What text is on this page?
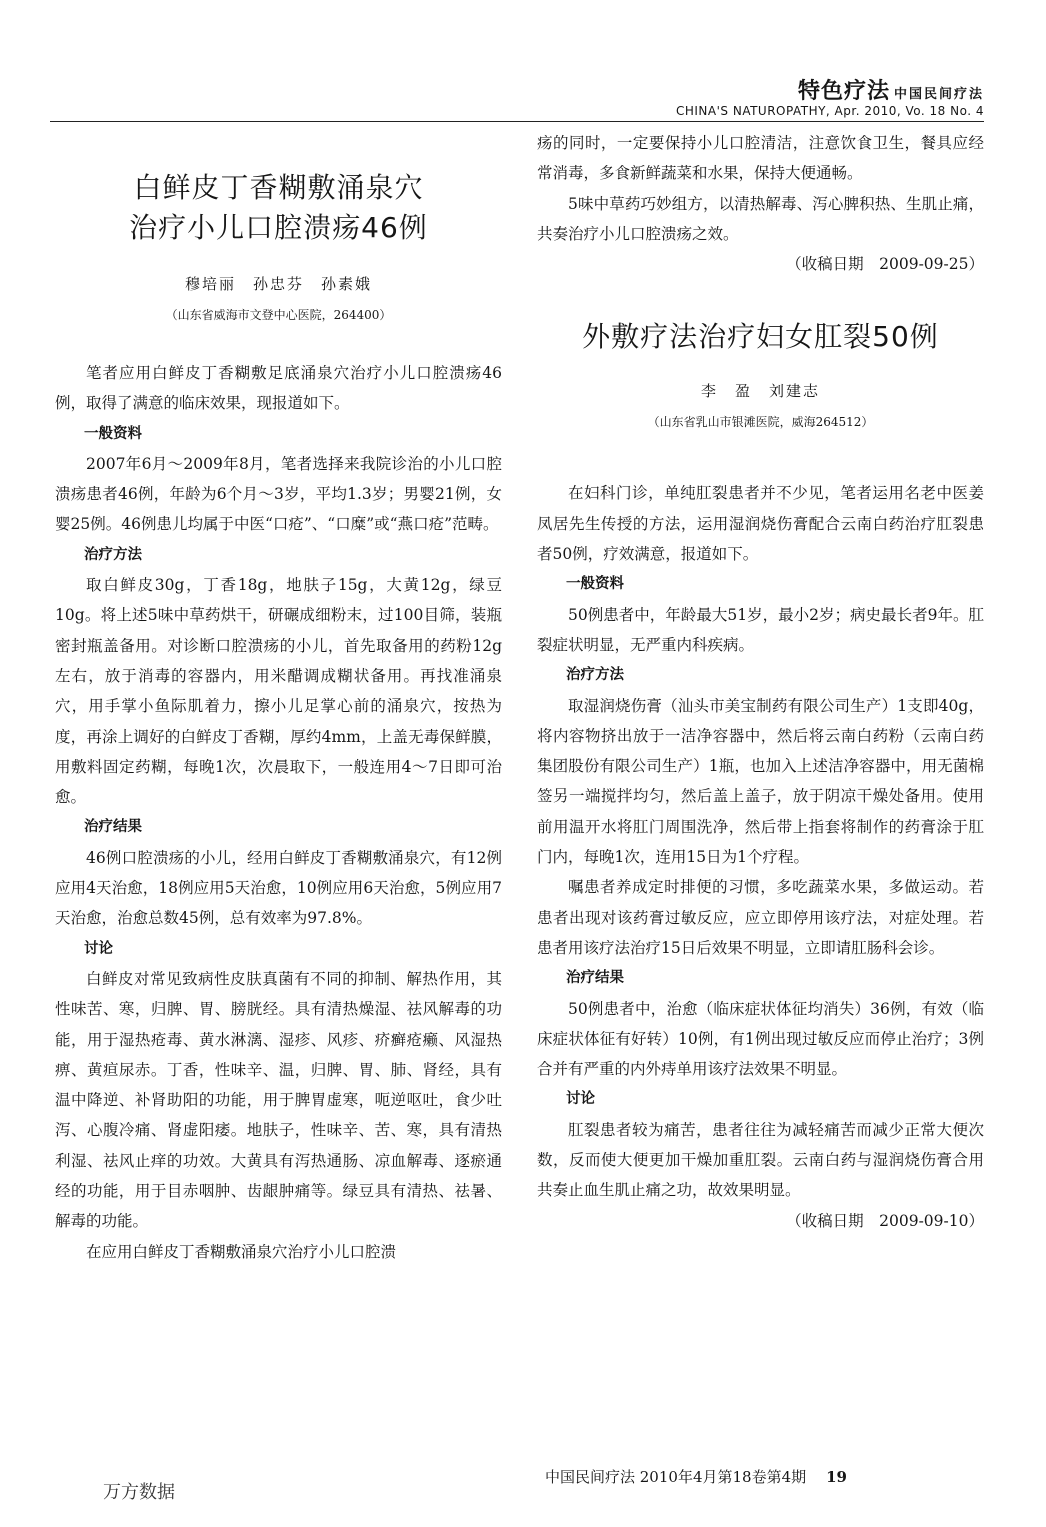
特色疗法 中国民间疗法
CHINA'S NATUROPATHY, Apr. 2010, Vo. 18 No. 4
白鲜皮丁香糊敷涌泉穴
治疗小儿口腔溃疡46例
穆培丽　孙忠芬　孙素娥
（山东省威海市文登中心医院，264400）

笔者应用白鲜皮丁香糊敷足底涌泉穴治疗小儿口腔溃疡46例，取得了满意的临床效果，现报道如下。

一般资料

2007年6月～2009年8月，笔者选择来我院诊治的小儿口腔溃疡患者46例，年龄为6个月～3岁，平均1.3岁；男婴21例，女婴25例。46例患儿均属于中医“口疮”、“口糜”或“燕口疮”范畴。

治疗方法

取白鲜皮30g，丁香18g，地肤子15g，大黄12g，绿豆10g。将上述5味中草药烘干，研碾成细粉末，过100目筛，装瓶密封瓶盖备用。对诊断口腔溃疡的小儿，首先取备用的药粉12g左右，放于消毒的容器内，用米醋调成糊状备用。再找准涌泉穴，用手掌小鱼际肌着力，擦小儿足掌心前的涌泉穴，按热为度，再涂上调好的白鲜皮丁香糊，厚约4mm，上盖无毒保鲜膜，用敷料固定药糊，每晚1次，次晨取下，一般连用4～7日即可治愈。

治疗结果

46例口腔溃疡的小儿，经用白鲜皮丁香糊敷涌泉穴，有12例应用4天治愈，18例应用5天治愈，10例应用6天治愈，5例应用7天治愈，治愈总数45例，总有效率为97.8%。

讨论

白鲜皮对常见致病性皮肤真菌有不同的抑制、解热作用，其性味苦、寒，归脾、胃、膀胱经。具有清热燥湿、祛风解毒的功能，用于湿热疮毒、黄水淋漓、湿疹、风疹、疥癣疮癞、风湿热痹、黄疸尿赤。丁香，性味辛、温，归脾、胃、肺、肾经，具有温中降逆、补肾助阳的功能，用于脾胃虚寒，呃逆呕吐，食少吐泻、心腹冷痛、肾虚阳痿。地肤子，性味辛、苦、寒，具有清热利湿、祛风止痒的功效。大黄具有泻热通肠、凉血解毒、逐瘀通经的功能，用于目赤咽肿、齿龈肿痛等。绿豆具有清热、祛暑、解毒的功能。

在应用白鲜皮丁香糊敷涌泉穴治疗小儿口腔溃

疡的同时，一定要保持小儿口腔清洁，注意饮食卫生，餐具应经常消毒，多食新鲜蔬菜和水果，保持大便通畅。

5味中草药巧妙组方，以清热解毒、泻心脾积热、生肌止痛，共奏治疗小儿口腔溃疡之效。

（收稿日期　2009-09-25）

外敷疗法治疗妇女肛裂50例
李　盈　刘建志
（山东省乳山市银滩医院，威海264512）

在妇科门诊，单纯肛裂患者并不少见，笔者运用名老中医姜凤居先生传授的方法，运用湿润烧伤膏配合云南白药治疗肛裂患者50例，疗效满意，报道如下。

一般资料

50例患者中，年龄最大51岁，最小2岁；病史最长者9年。肛裂症状明显，无严重内科疾病。

治疗方法

取湿润烧伤膏（汕头市美宝制药有限公司生产）1支即40g，将内容物挤出放于一洁净容器中，然后将云南白药粉（云南白药集团股份有限公司生产）1瓶，也加入上述洁净容器中，用无菌棉签另一端搅拌均匀，然后盖上盖子，放于阴凉干燥处备用。使用前用温开水将肛门周围洗净，然后带上指套将制作的药膏涂于肛门内，每晚1次，连用15日为1个疗程。

嘱患者养成定时排便的习惯，多吃蔬菜水果，多做运动。若患者出现对该药膏过敏反应，应立即停用该疗法，对症处理。若患者用该疗法治疗15日后效果不明显，立即请肛肠科会诊。

治疗结果

50例患者中，治愈（临床症状体征均消失）36例，有效（临床症状体征有好转）10例，有1例出现过敏反应而停止治疗；3例合并有严重的内外痔单用该疗法效果不明显。

讨论

肛裂患者较为痛苦，患者往往为减轻痛苦而减少正常大便次数，反而使大便更加干燥加重肛裂。云南白药与湿润烧伤膏合用共奏止血生肌止痛之功，故效果明显。

（收稿日期　2009-09-10）

中国民间疗法 2010年4月第18卷第4期 19
万方数据
